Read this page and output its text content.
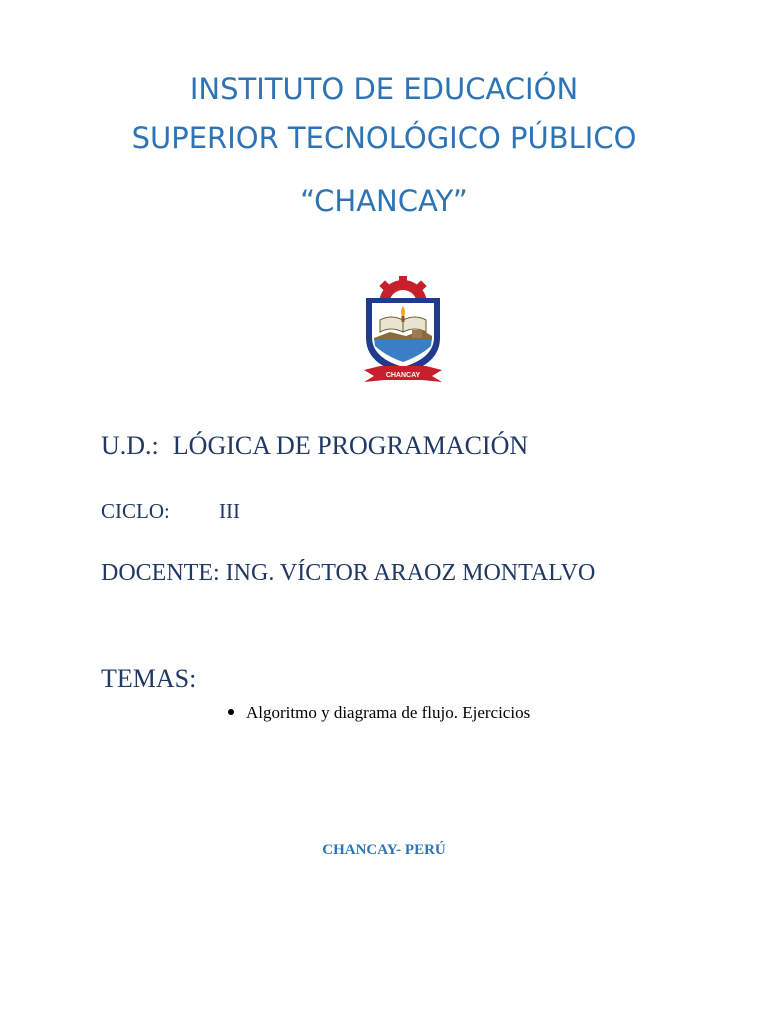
INSTITUTO DE EDUCACIÓN
SUPERIOR TECNOLÓGICO PÚBLICO
“CHANCAY”
CHANCAY
U.D.: LÓGICA DE PROGRAMACIÓN
CICLO: III
DOCENTE: ING. VÍCTOR ARAOZ MONTALVO
TEMAS:
Algoritmo y diagrama de flujo. Ejercicios
CHANCAY- PERÚ
